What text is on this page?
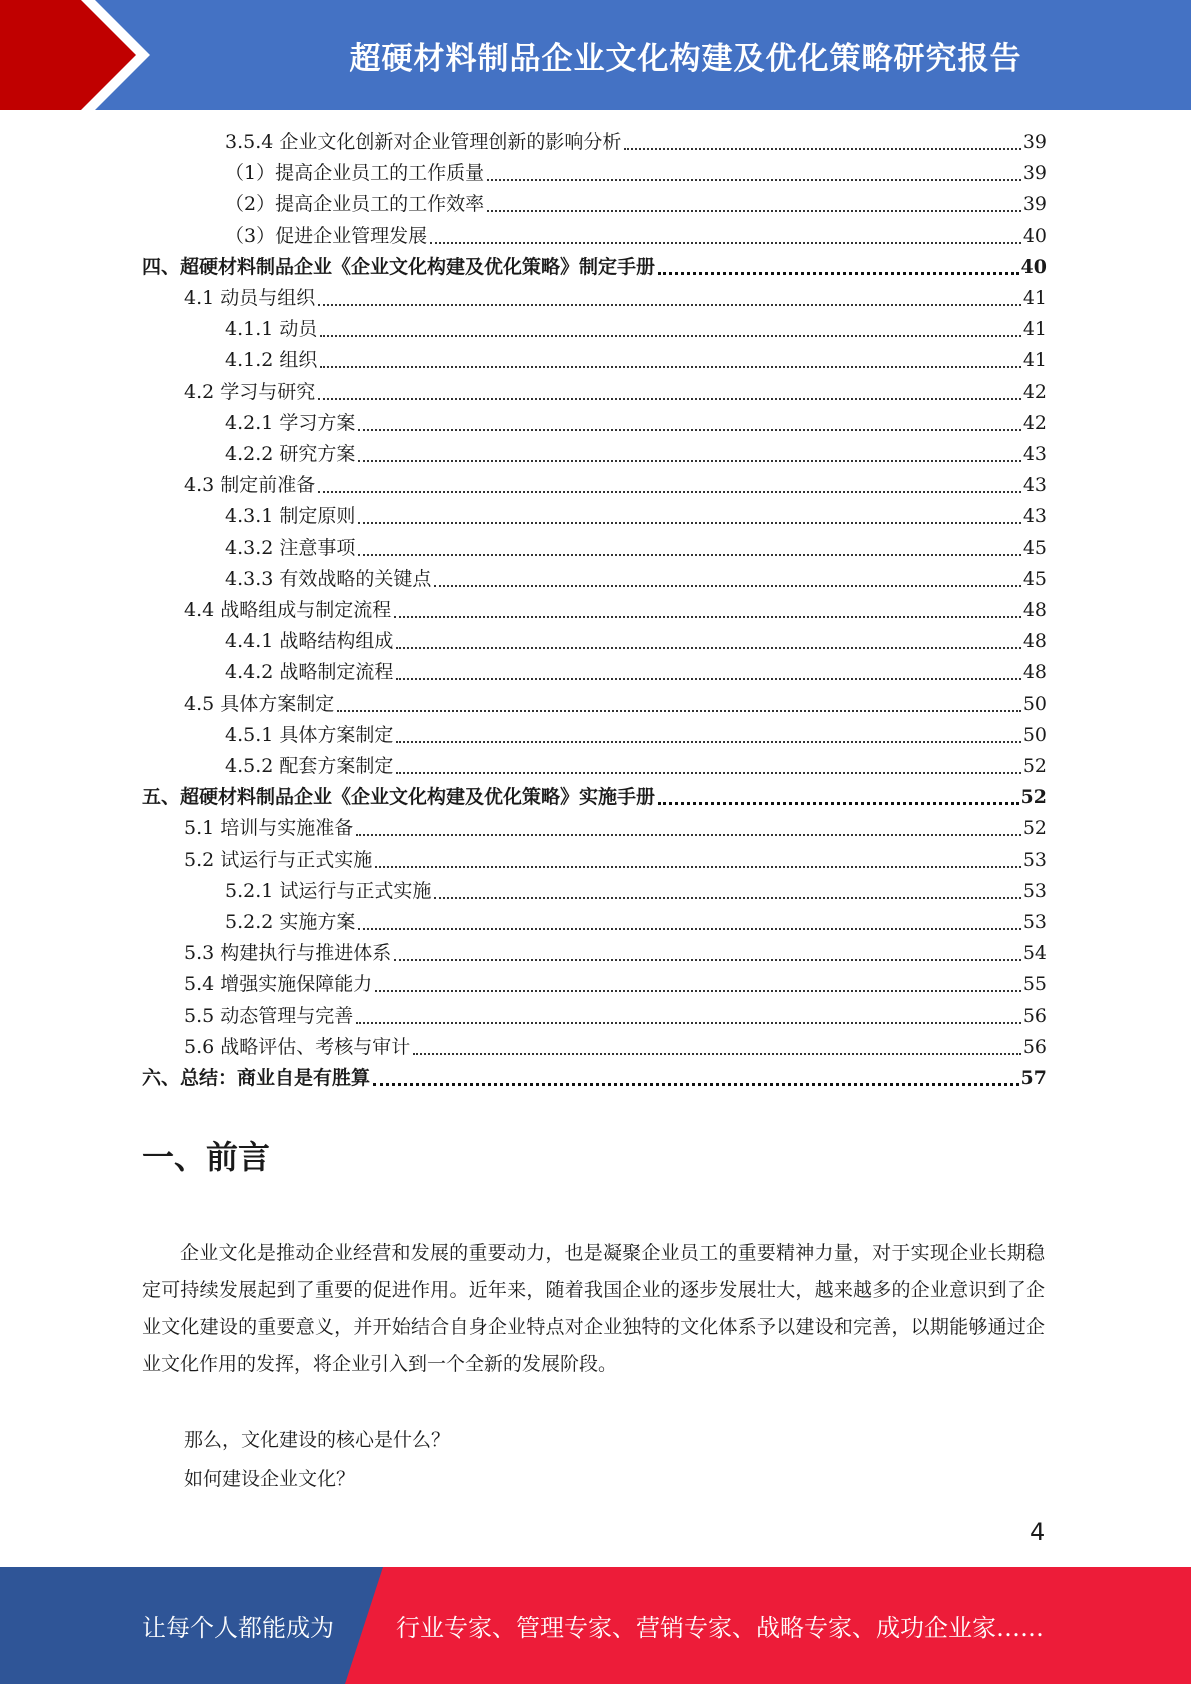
超硬材料制品企业文化构建及优化策略研究报告
3.5.4 企业文化创新对企业管理创新的影响分析	39
（1）提高企业员工的工作质量	39
（2）提高企业员工的工作效率	39
（3）促进企业管理发展	40
四、超硬材料制品企业《企业文化构建及优化策略》制定手册	40
4.1 动员与组织	41
4.1.1 动员	41
4.1.2 组织	41
4.2 学习与研究	42
4.2.1 学习方案	42
4.2.2 研究方案	43
4.3 制定前准备	43
4.3.1 制定原则	43
4.3.2 注意事项	45
4.3.3 有效战略的关键点	45
4.4 战略组成与制定流程	48
4.4.1 战略结构组成	48
4.4.2 战略制定流程	48
4.5 具体方案制定	50
4.5.1 具体方案制定	50
4.5.2 配套方案制定	52
五、超硬材料制品企业《企业文化构建及优化策略》实施手册	52
5.1 培训与实施准备	52
5.2 试运行与正式实施	53
5.2.1 试运行与正式实施	53
5.2.2 实施方案	53
5.3 构建执行与推进体系	54
5.4 增强实施保障能力	55
5.5 动态管理与完善	56
5.6 战略评估、考核与审计	56
六、总结：商业自是有胜算	57
一、前言

企业文化是推动企业经营和发展的重要动力，也是凝聚企业员工的重要精神力量，对于实现企业长期稳定可持续发展起到了重要的促进作用。近年来，随着我国企业的逐步发展壮大，越来越多的企业意识到了企业文化建设的重要意义，并开始结合自身企业特点对企业独特的文化体系予以建设和完善，以期能够通过企业文化作用的发挥，将企业引入到一个全新的发展阶段。

那么，文化建设的核心是什么？

如何建设企业文化？

4
让每个人都能成为	行业专家、管理专家、营销专家、战略专家、成功企业家……
